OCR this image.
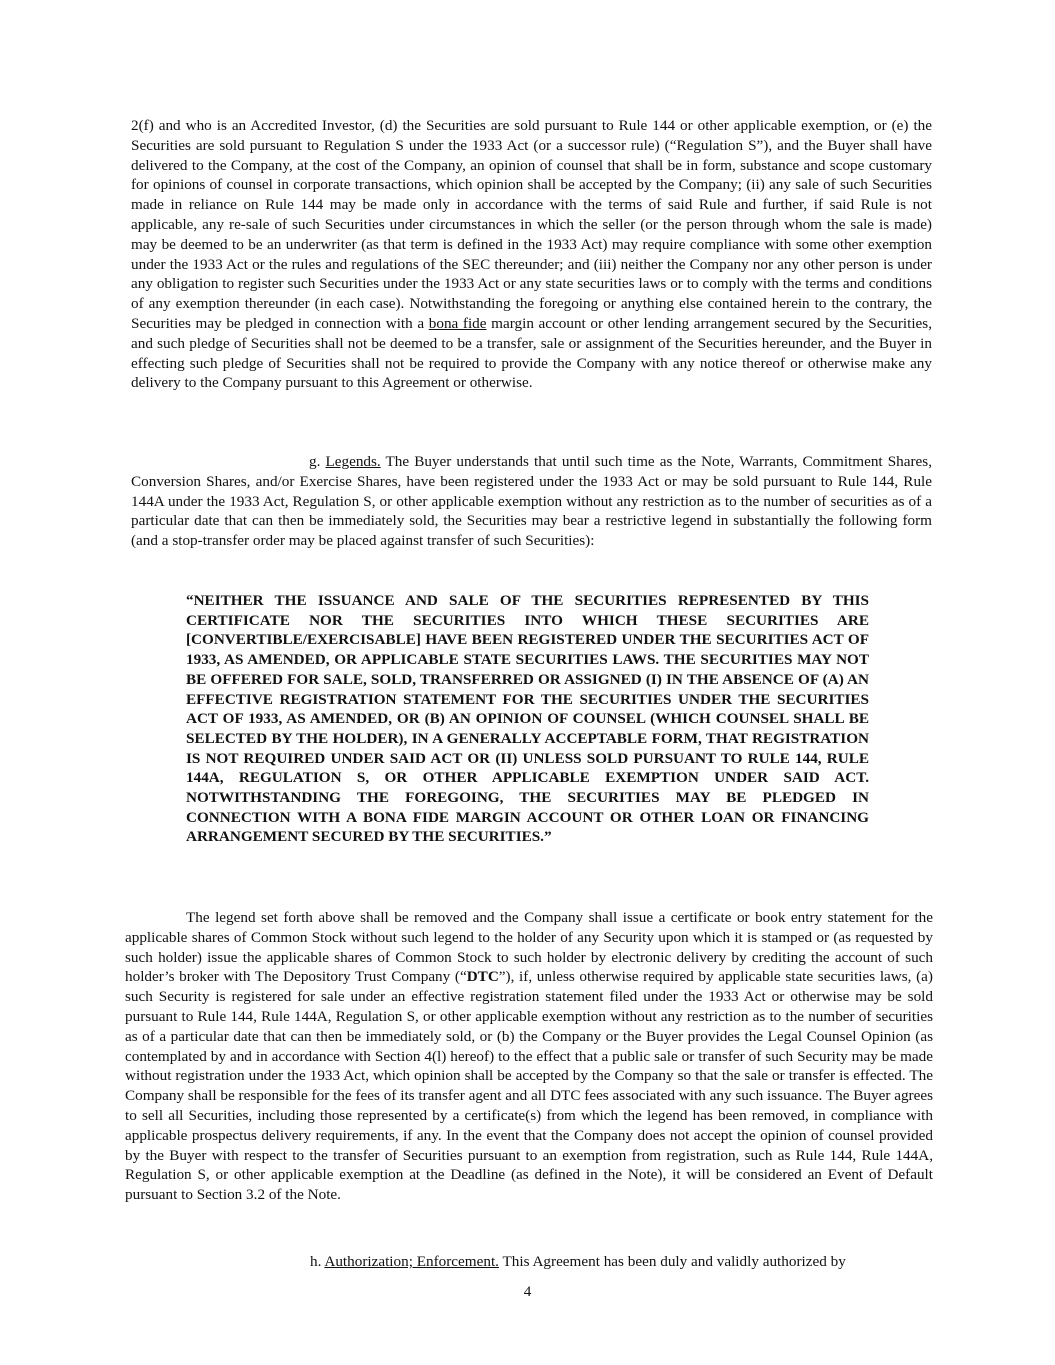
2(f) and who is an Accredited Investor, (d) the Securities are sold pursuant to Rule 144 or other applicable exemption, or (e) the Securities are sold pursuant to Regulation S under the 1933 Act (or a successor rule) (“Regulation S”), and the Buyer shall have delivered to the Company, at the cost of the Company, an opinion of counsel that shall be in form, substance and scope customary for opinions of counsel in corporate transactions, which opinion shall be accepted by the Company; (ii) any sale of such Securities made in reliance on Rule 144 may be made only in accordance with the terms of said Rule and further, if said Rule is not applicable, any re-sale of such Securities under circumstances in which the seller (or the person through whom the sale is made) may be deemed to be an underwriter (as that term is defined in the 1933 Act) may require compliance with some other exemption under the 1933 Act or the rules and regulations of the SEC thereunder; and (iii) neither the Company nor any other person is under any obligation to register such Securities under the 1933 Act or any state securities laws or to comply with the terms and conditions of any exemption thereunder (in each case). Notwithstanding the foregoing or anything else contained herein to the contrary, the Securities may be pledged in connection with a bona fide margin account or other lending arrangement secured by the Securities, and such pledge of Securities shall not be deemed to be a transfer, sale or assignment of the Securities hereunder, and the Buyer in effecting such pledge of Securities shall not be required to provide the Company with any notice thereof or otherwise make any delivery to the Company pursuant to this Agreement or otherwise.

g. Legends. The Buyer understands that until such time as the Note, Warrants, Commitment Shares, Conversion Shares, and/or Exercise Shares, have been registered under the 1933 Act or may be sold pursuant to Rule 144, Rule 144A under the 1933 Act, Regulation S, or other applicable exemption without any restriction as to the number of securities as of a particular date that can then be immediately sold, the Securities may bear a restrictive legend in substantially the following form (and a stop-transfer order may be placed against transfer of such Securities):

“NEITHER THE ISSUANCE AND SALE OF THE SECURITIES REPRESENTED BY THIS CERTIFICATE NOR THE SECURITIES INTO WHICH THESE SECURITIES ARE [CONVERTIBLE/EXERCISABLE] HAVE BEEN REGISTERED UNDER THE SECURITIES ACT OF 1933, AS AMENDED, OR APPLICABLE STATE SECURITIES LAWS. THE SECURITIES MAY NOT BE OFFERED FOR SALE, SOLD, TRANSFERRED OR ASSIGNED (I) IN THE ABSENCE OF (A) AN EFFECTIVE REGISTRATION STATEMENT FOR THE SECURITIES UNDER THE SECURITIES ACT OF 1933, AS AMENDED, OR (B) AN OPINION OF COUNSEL (WHICH COUNSEL SHALL BE SELECTED BY THE HOLDER), IN A GENERALLY ACCEPTABLE FORM, THAT REGISTRATION IS NOT REQUIRED UNDER SAID ACT OR (II) UNLESS SOLD PURSUANT TO RULE 144, RULE 144A, REGULATION S, OR OTHER APPLICABLE EXEMPTION UNDER SAID ACT. NOTWITHSTANDING THE FOREGOING, THE SECURITIES MAY BE PLEDGED IN CONNECTION WITH A BONA FIDE MARGIN ACCOUNT OR OTHER LOAN OR FINANCING ARRANGEMENT SECURED BY THE SECURITIES.”

The legend set forth above shall be removed and the Company shall issue a certificate or book entry statement for the applicable shares of Common Stock without such legend to the holder of any Security upon which it is stamped or (as requested by such holder) issue the applicable shares of Common Stock to such holder by electronic delivery by crediting the account of such holder’s broker with The Depository Trust Company (“DTC”), if, unless otherwise required by applicable state securities laws, (a) such Security is registered for sale under an effective registration statement filed under the 1933 Act or otherwise may be sold pursuant to Rule 144, Rule 144A, Regulation S, or other applicable exemption without any restriction as to the number of securities as of a particular date that can then be immediately sold, or (b) the Company or the Buyer provides the Legal Counsel Opinion (as contemplated by and in accordance with Section 4(l) hereof) to the effect that a public sale or transfer of such Security may be made without registration under the 1933 Act, which opinion shall be accepted by the Company so that the sale or transfer is effected. The Company shall be responsible for the fees of its transfer agent and all DTC fees associated with any such issuance. The Buyer agrees to sell all Securities, including those represented by a certificate(s) from which the legend has been removed, in compliance with applicable prospectus delivery requirements, if any. In the event that the Company does not accept the opinion of counsel provided by the Buyer with respect to the transfer of Securities pursuant to an exemption from registration, such as Rule 144, Rule 144A, Regulation S, or other applicable exemption at the Deadline (as defined in the Note), it will be considered an Event of Default pursuant to Section 3.2 of the Note.

h. Authorization; Enforcement. This Agreement has been duly and validly authorized by

4
